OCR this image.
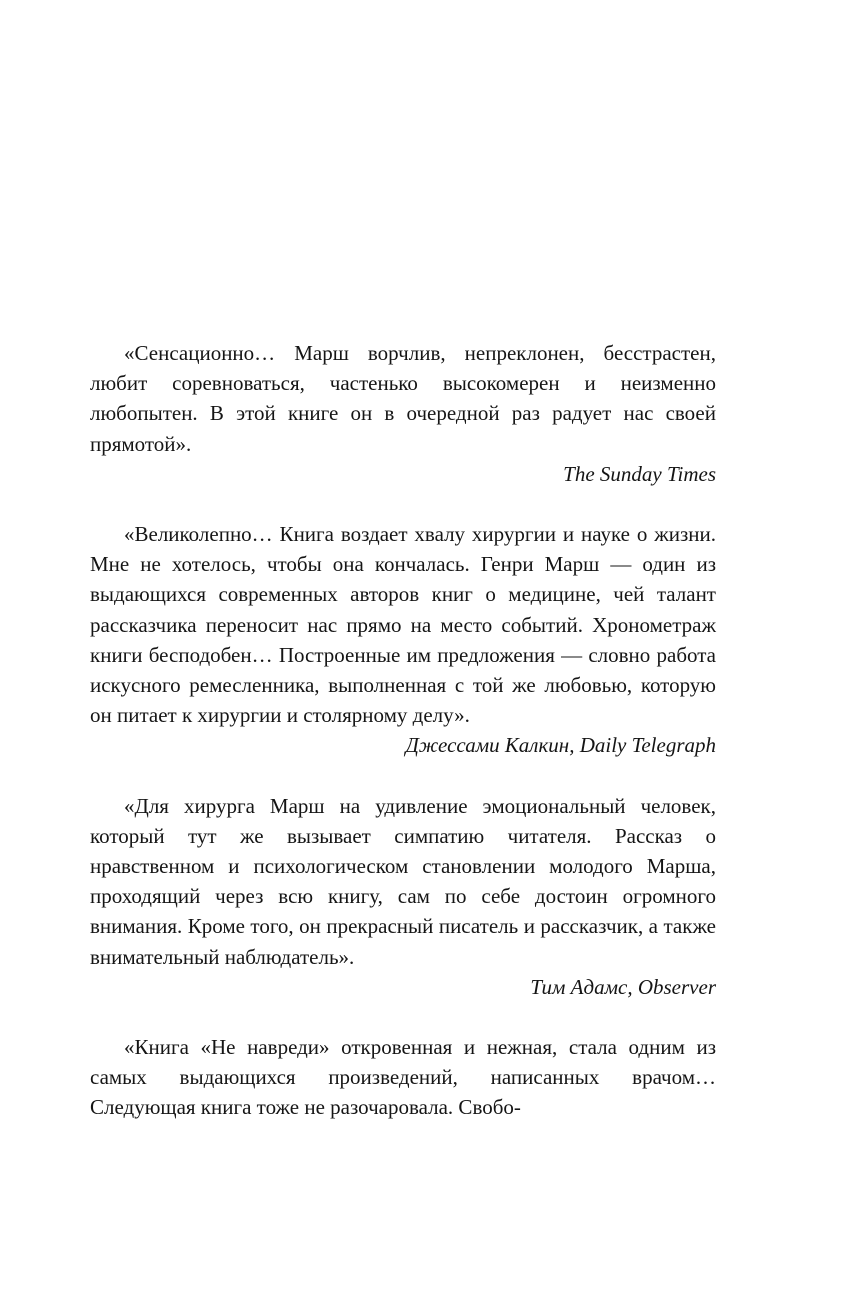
«Сенсационно… Марш ворчлив, непреклонен, бесстрастен, любит соревноваться, частенько высокомерен и неизменно любопытен. В этой книге он в очередной раз радует нас своей прямотой».

The Sunday Times

«Великолепно… Книга воздает хвалу хирургии и науке о жизни. Мне не хотелось, чтобы она кончалась. Генри Марш — один из выдающихся современных авторов книг о медицине, чей талант рассказчика переносит нас прямо на место событий. Хронометраж книги бесподобен… Построенные им предложения — словно работа искусного ремесленника, выполненная с той же любовью, которую он питает к хирургии и столярному делу».

Джессами Калкин, Daily Telegraph

«Для хирурга Марш на удивление эмоциональный человек, который тут же вызывает симпатию читателя. Рассказ о нравственном и психологическом становлении молодого Марша, проходящий через всю книгу, сам по себе достоин огромного внимания. Кроме того, он прекрасный писатель и рассказчик, а также внимательный наблюдатель».

Тим Адамс, Observer

«Книга «Не навреди» откровенная и нежная, стала одним из самых выдающихся произведений, написанных врачом… Следующая книга тоже не разочаровала. Свобо-
